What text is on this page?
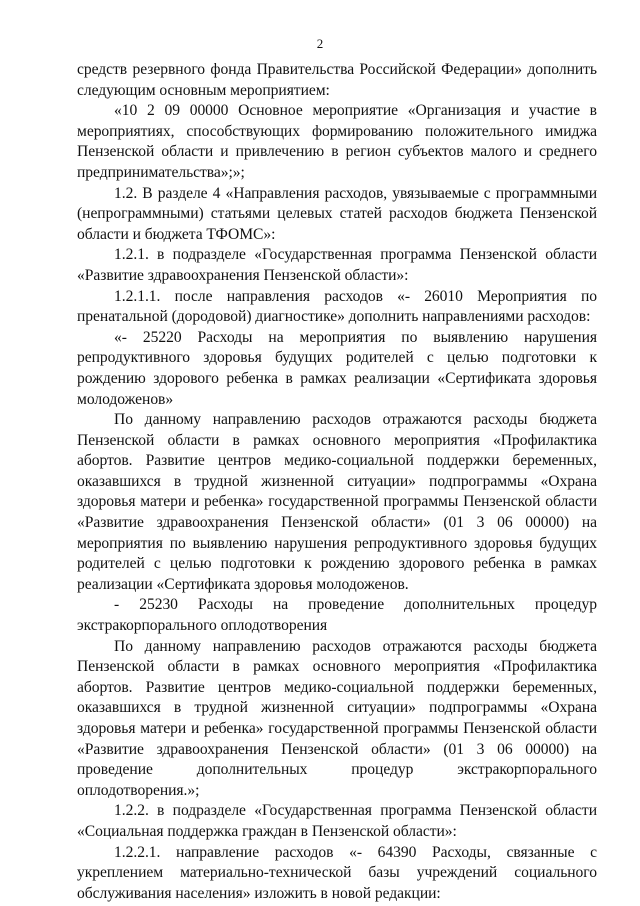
2

средств резервного фонда Правительства Российской Федерации» дополнить следующим основным мероприятием:

«10 2 09 00000 Основное мероприятие «Организация и участие в мероприятиях, способствующих формированию положительного имиджа Пензенской области и привлечению в регион субъектов малого и среднего предпринимательства»;»;

1.2. В разделе 4 «Направления расходов, увязываемые с программными (непрограммными) статьями целевых статей расходов бюджета Пензенской области и бюджета ТФОМС»:

1.2.1. в подразделе «Государственная программа Пензенской области «Развитие здравоохранения Пензенской области»:

1.2.1.1. после направления расходов «- 26010 Мероприятия по пренатальной (дородовой) диагностике» дополнить направлениями расходов:

«- 25220 Расходы на мероприятия по выявлению нарушения репродуктивного здоровья будущих родителей с целью подготовки к рождению здорового ребенка в рамках реализации «Сертификата здоровья молодоженов»

По данному направлению расходов отражаются расходы бюджета Пензенской области в рамках основного мероприятия «Профилактика абортов. Развитие центров медико-социальной поддержки беременных, оказавшихся в трудной жизненной ситуации» подпрограммы «Охрана здоровья матери и ребенка» государственной программы Пензенской области «Развитие здравоохранения Пензенской области» (01 3 06 00000) на мероприятия по выявлению нарушения репродуктивного здоровья будущих родителей с целью подготовки к рождению здорового ребенка в рамках реализации «Сертификата здоровья молодоженов.

- 25230 Расходы на проведение дополнительных процедур экстракорпорального оплодотворения

По данному направлению расходов отражаются расходы бюджета Пензенской области в рамках основного мероприятия «Профилактика абортов. Развитие центров медико-социальной поддержки беременных, оказавшихся в трудной жизненной ситуации» подпрограммы «Охрана здоровья матери и ребенка» государственной программы Пензенской области «Развитие здравоохранения Пензенской области» (01 3 06 00000) на проведение дополнительных процедур экстракорпорального оплодотворения.»;

1.2.2. в подразделе «Государственная программа Пензенской области «Социальная поддержка граждан в Пензенской области»:

1.2.2.1. направление расходов «- 64390 Расходы, связанные с укреплением материально-технической базы учреждений социального обслуживания населения» изложить в новой редакции:
